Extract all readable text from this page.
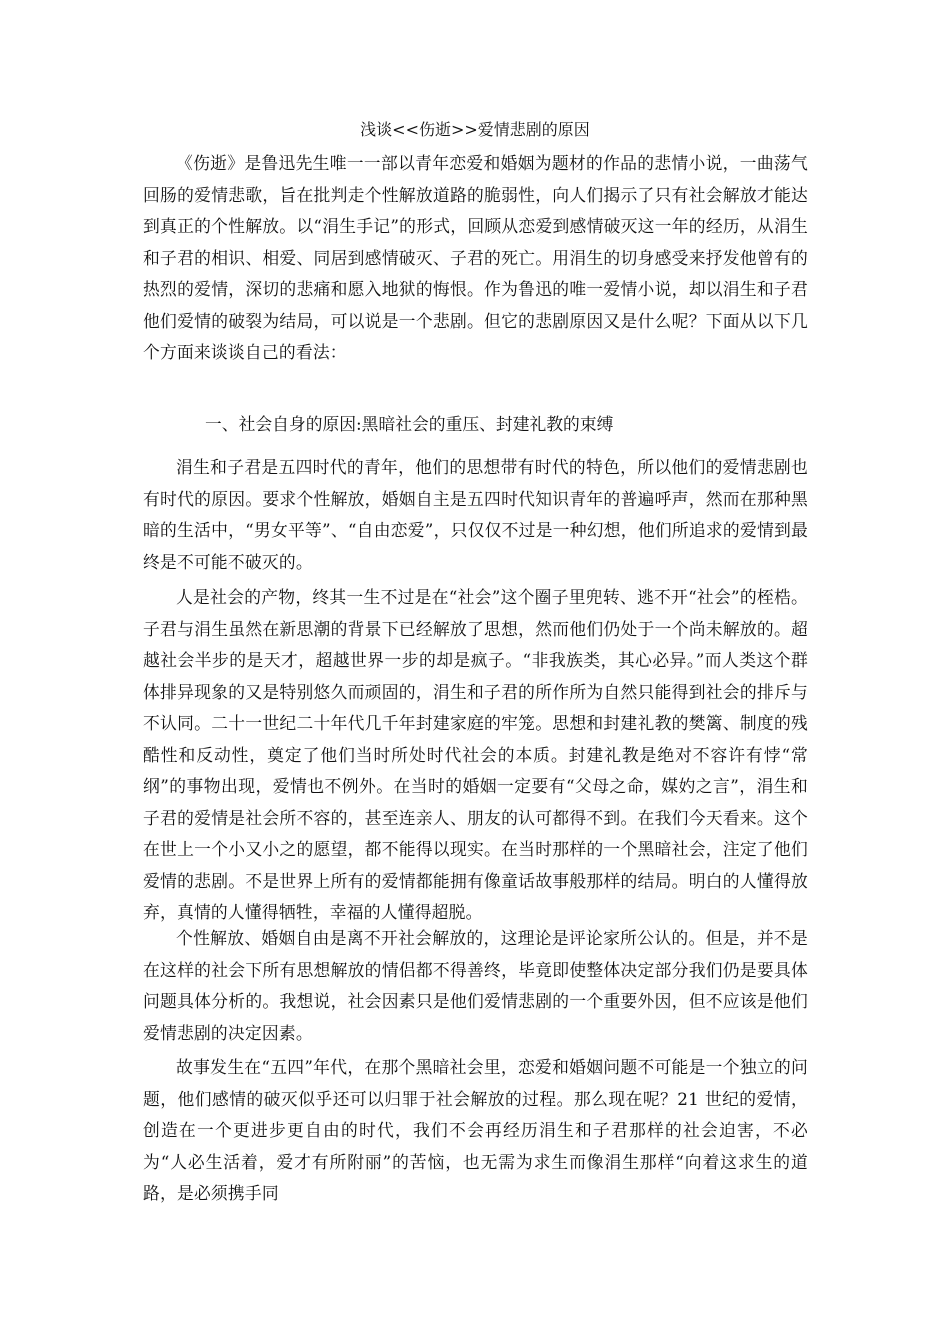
浅谈<<伤逝>>爱情悲剧的原因

《伤逝》是鲁迅先生唯一一部以青年恋爱和婚姻为题材的作品的悲情小说，一曲荡气回肠的爱情悲歌，旨在批判走个性解放道路的脆弱性，向人们揭示了只有社会解放才能达到真正的个性解放。以“涓生手记”的形式，回顾从恋爱到感情破灭这一年的经历，从涓生和子君的相识、相爱、同居到感情破灭、子君的死亡。用涓生的切身感受来抒发他曾有的热烈的爱情，深切的悲痛和愿入地狱的悔恨。作为鲁迅的唯一爱情小说，却以涓生和子君他们爱情的破裂为结局，可以说是一个悲剧。但它的悲剧原因又是什么呢？下面从以下几个方面来谈谈自己的看法：

一、社会自身的原因:黑暗社会的重压、封建礼教的束缚

涓生和子君是五四时代的青年，他们的思想带有时代的特色，所以他们的爱情悲剧也有时代的原因。要求个性解放，婚姻自主是五四时代知识青年的普遍呼声，然而在那种黑暗的生活中，“男女平等”、“自由恋爱”，只仅仅不过是一种幻想，他们所追求的爱情到最终是不可能不破灭的。

人是社会的产物，终其一生不过是在“社会”这个圈子里兜转、逃不开“社会”的桎梏。子君与涓生虽然在新思潮的背景下已经解放了思想，然而他们仍处于一个尚未解放的。超越社会半步的是天才，超越世界一步的却是疯子。“非我族类，其心必异。”而人类这个群体排异现象的又是特别悠久而顽固的，涓生和子君的所作所为自然只能得到社会的排斥与不认同。二十一世纪二十年代几千年封建家庭的牢笼。思想和封建礼教的樊篱、制度的残酷性和反动性，奠定了他们当时所处时代社会的本质。封建礼教是绝对不容许有悖“常纲”的事物出现，爱情也不例外。在当时的婚姻一定要有“父母之命，媒妁之言”，涓生和子君的爱情是社会所不容的，甚至连亲人、朋友的认可都得不到。在我们今天看来。这个在世上一个小又小之的愿望，都不能得以现实。在当时那样的一个黑暗社会，注定了他们爱情的悲剧。不是世界上所有的爱情都能拥有像童话故事般那样的结局。明白的人懂得放弃，真情的人懂得牺牲，幸福的人懂得超脱。

个性解放、婚姻自由是离不开社会解放的，这理论是评论家所公认的。但是，并不是在这样的社会下所有思想解放的情侣都不得善终，毕竟即使整体决定部分我们仍是要具体问题具体分析的。我想说，社会因素只是他们爱情悲剧的一个重要外因，但不应该是他们爱情悲剧的决定因素。

故事发生在“五四”年代，在那个黑暗社会里，恋爱和婚姻问题不可能是一个独立的问题，他们感情的破灭似乎还可以归罪于社会解放的过程。那么现在呢？21 世纪的爱情，创造在一个更进步更自由的时代，我们不会再经历涓生和子君那样的社会迫害，不必为“人必生活着，爱才有所附丽”的苦恼，也无需为求生而像涓生那样“向着这求生的道路，是必须携手同
